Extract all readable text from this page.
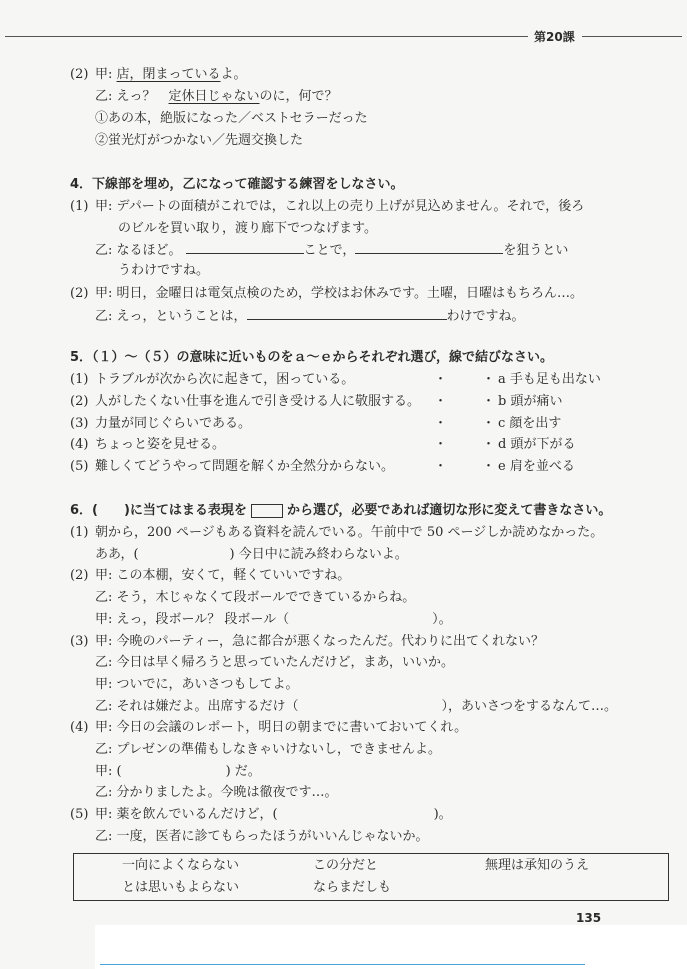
第20課
(2) 甲: 店，閉まっているよ。
乙: えっ？　定休日じゃないのに，何で？
①あの本，絶版になった／ベストセラーだった
②蛍光灯がつかない／先週交換した
4．下線部を埋め，乙になって確認する練習をしなさい。
(1) 甲: デパートの面積がこれでは，これ以上の売り上げが見込めません。それで，後ろ
のビルを買い取り，渡り廊下でつなげます。
乙: なるほど。	ことで，	を狙うとい
うわけですね。
(2) 甲: 明日，金曜日は電気点検のため，学校はお休みです。土曜，日曜はもちろん…。
乙: えっ，ということは，	わけですね。
5．（１）～（５）の意味に近いものをａ～ｅからそれぞれ選び，線で結びなさい。
(1) トラブルが次から次に起きて，困っている。	・	・ a 手も足も出ない
(2) 人がしたくない仕事を進んで引き受ける人に敬服する。 ・	・ b 頭が痛い
(3) 力量が同じぐらいである。	・	・ c 顔を出す
(4) ちょっと姿を見せる。	・	・ d 頭が下がる
(5) 難しくてどうやって問題を解くか全然分からない。	・	・ e 肩を並べる
6．(　　)に当てはまる表現を	から選び，必要であれば適切な形に変えて書きなさい。
(1) 朝から，200 ページもある資料を読んでいる。午前中で 50 ページしか読めなかった。
ああ，(　　　　　　　) 今日中に読み終わらないよ。
(2) 甲: この本棚，安くて，軽くていいですね。
乙: そう，木じゃなくて段ボールでできているからね。
甲: えっ，段ボール？ 段ボール（　　　　　　　　　　　）。
(3) 甲: 今晩のパーティー，急に都合が悪くなったんだ。代わりに出てくれない？
乙: 今日は早く帰ろうと思っていたんだけど，まあ，いいか。
甲: ついでに，あいさつもしてよ。
乙: それは嫌だよ。出席するだけ（　　　　　　　　　　　），あいさつをするなんて…。
(4) 甲: 今日の会議のレポート，明日の朝までに書いておいてくれ。
乙: プレゼンの準備もしなきゃいけないし，できませんよ。
甲: (　　　　　　　　) だ。
乙: 分かりましたよ。今晩は徹夜です…。
(5) 甲: 薬を飲んでいるんだけど，(　　　　　　　　　　　　)。
乙: 一度，医者に診てもらったほうがいいんじゃないか。
一向によくならない	この分だと	無理は承知のうえ
とは思いもよらない	ならまだしも
135
